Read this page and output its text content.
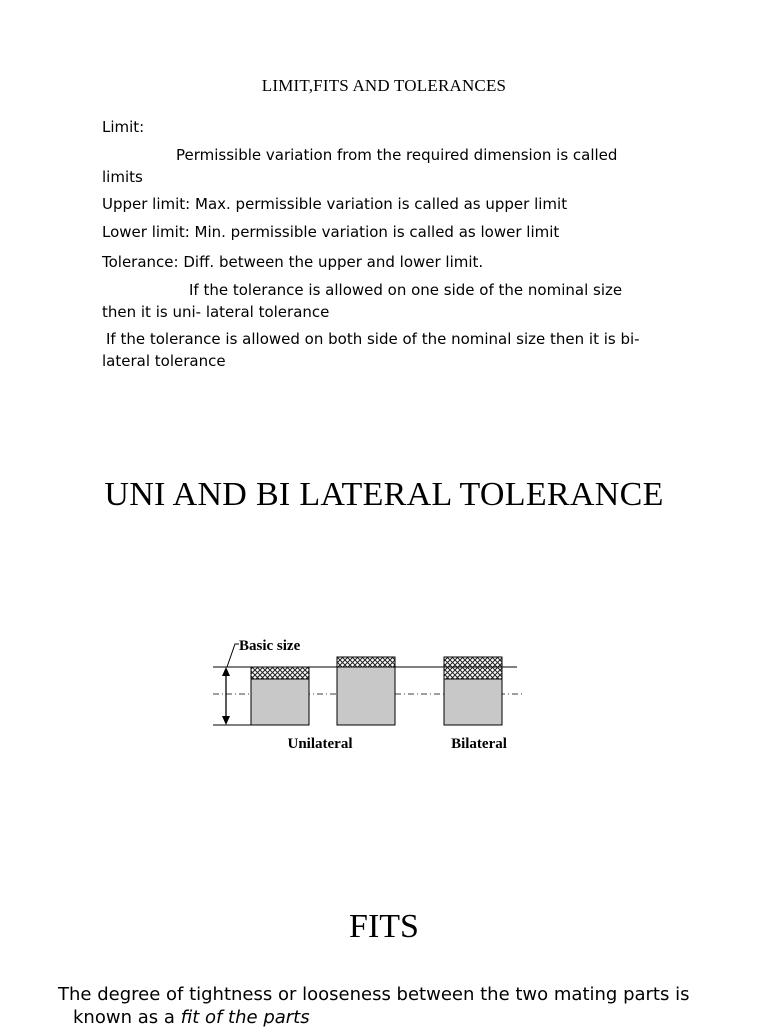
LIMIT,FITS AND TOLERANCES
Limit:
Permissible variation from the required dimension is called
limits
Upper limit: Max. permissible variation is called as upper limit
Lower limit: Min. permissible variation is called as lower limit
Tolerance: Diff. between the upper and lower limit.
If the tolerance is allowed on one side of the nominal size
then it is uni- lateral tolerance
If the tolerance is allowed on both side of the nominal size then it is bi-
lateral tolerance
UNI AND BI LATERAL TOLERANCE
Basic size
Unilateral	Bilateral
FITS
The degree of tightness or looseness between the two mating parts is
known as a fit of the parts
